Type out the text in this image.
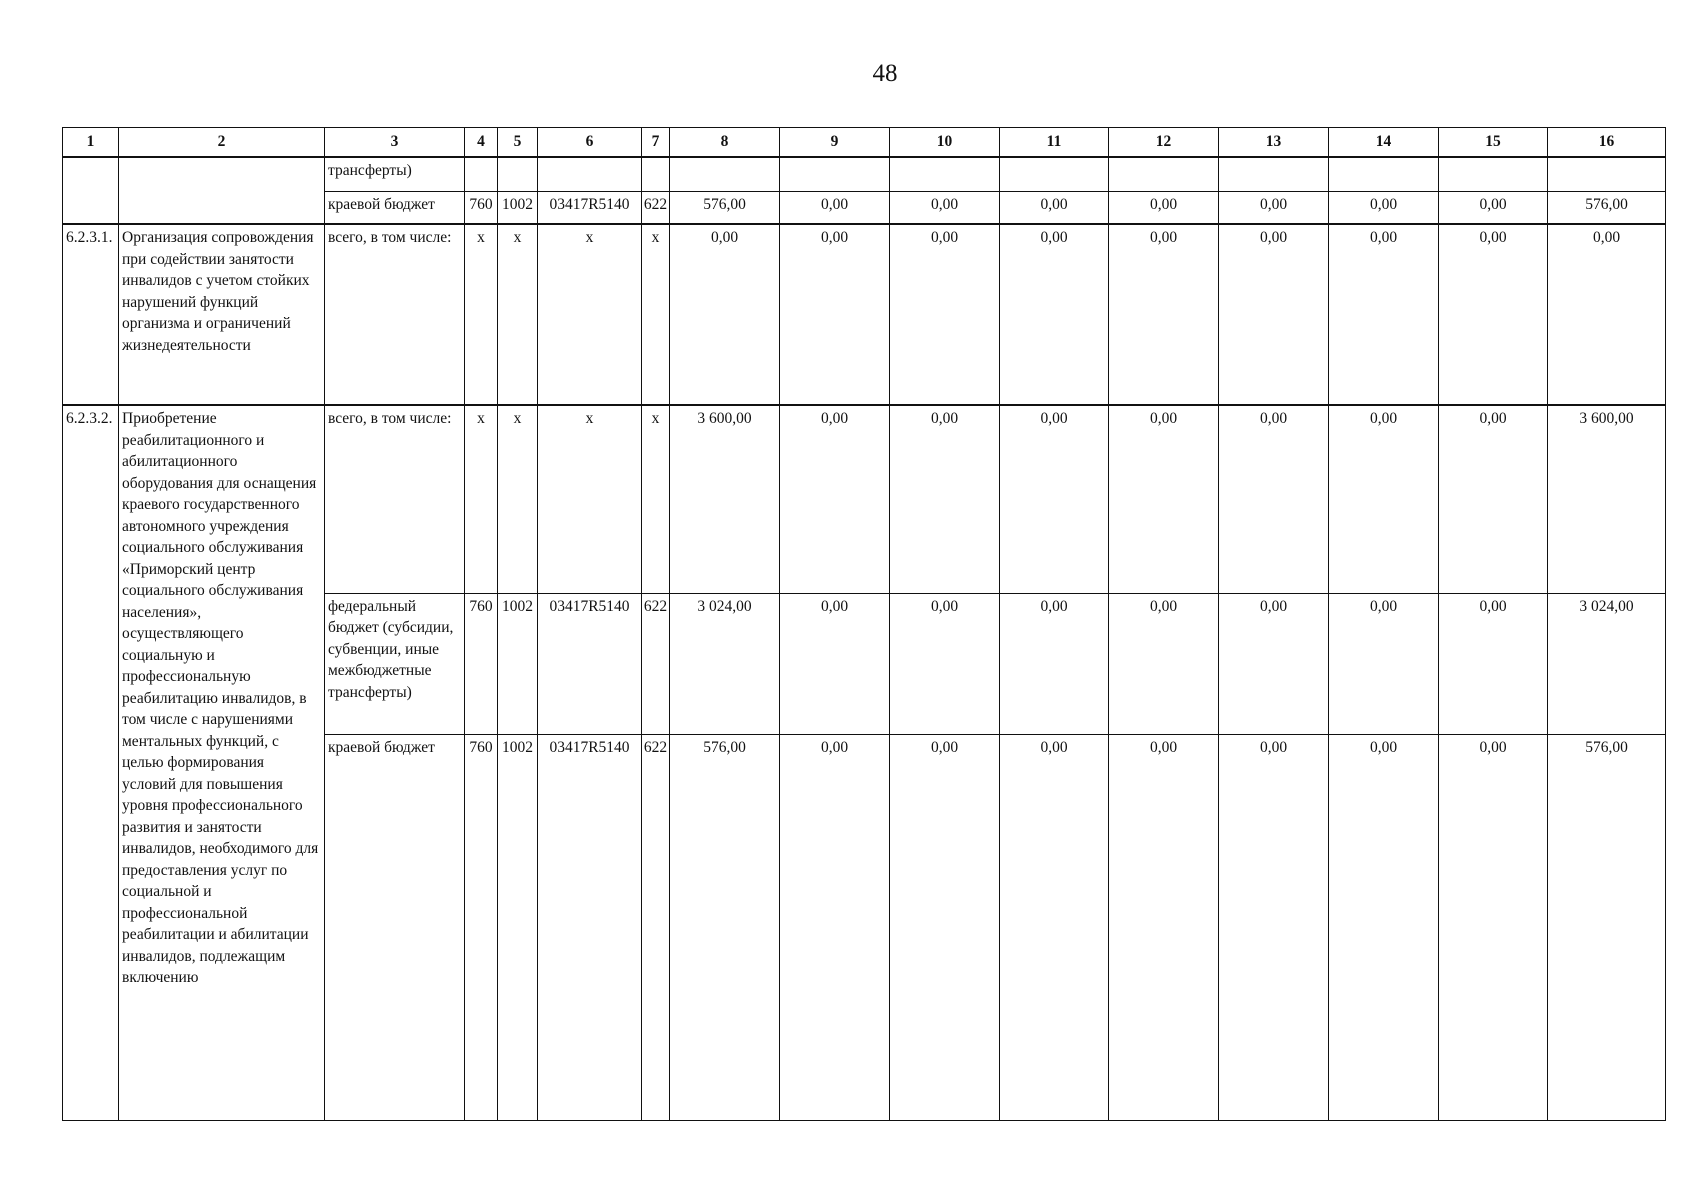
48
1	2	3	4	5	6	7	8	9	10	11	12	13	14	15	16
		трансферты)													
		краевой бюджет	760	1002	03417R5140	622	576,00	0,00	0,00	0,00	0,00	0,00	0,00	0,00	576,00
6.2.3.1.	Организация сопровождения при содействии занятости инвалидов с учетом стойких нарушений функций организма и ограничений жизнедеятельности	всего, в том числе:	x	x	x	x	0,00	0,00	0,00	0,00	0,00	0,00	0,00	0,00	0,00
6.2.3.2.	Приобретение реабилитационного и абилитационного оборудования для оснащения краевого государственного автономного учреждения социального обслуживания «Приморский центр социального обслуживания населения», осуществляющего социальную и профессиональную реабилитацию инвалидов, в том числе с нарушениями ментальных функций, с целью формирования условий для повышения уровня профессионального развития и занятости инвалидов, необходимого для предоставления услуг по социальной и профессиональной реабилитации и абилитации инвалидов, подлежащим включению	всего, в том числе:	x	x	x	x	3 600,00	0,00	0,00	0,00	0,00	0,00	0,00	0,00	3 600,00
		федеральный бюджет (субсидии, субвенции, иные межбюджетные трансферты)	760	1002	03417R5140	622	3 024,00	0,00	0,00	0,00	0,00	0,00	0,00	0,00	3 024,00
		краевой бюджет	760	1002	03417R5140	622	576,00	0,00	0,00	0,00	0,00	0,00	0,00	0,00	576,00
